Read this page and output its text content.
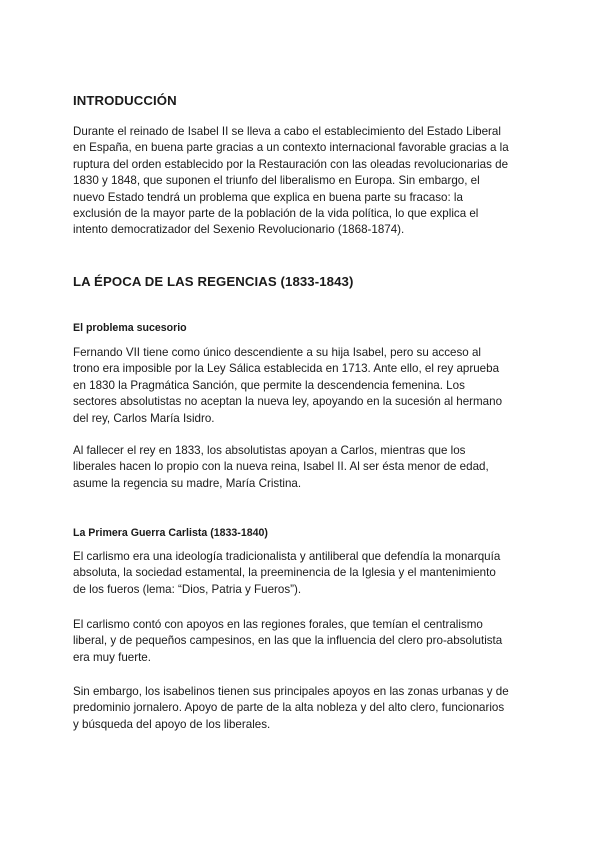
INTRODUCCIÓN
Durante el reinado de Isabel II se lleva a cabo el establecimiento del Estado Liberal
en España, en buena parte gracias a un contexto internacional favorable gracias a la
ruptura del orden establecido por la Restauración con las oleadas revolucionarias de
1830 y 1848, que suponen el triunfo del liberalismo en Europa. Sin embargo, el
nuevo Estado tendrá un problema que explica en buena parte su fracaso: la
exclusión de la mayor parte de la población de la vida política, lo que explica el
intento democratizador del Sexenio Revolucionario (1868-1874).
LA ÉPOCA DE LAS REGENCIAS (1833-1843)
El problema sucesorio
Fernando VII tiene como único descendiente a su hija Isabel, pero su acceso al
trono era imposible por la Ley Sálica establecida en 1713. Ante ello, el rey aprueba
en 1830 la Pragmática Sanción, que permite la descendencia femenina. Los
sectores absolutistas no aceptan la nueva ley, apoyando en la sucesión al hermano
del rey, Carlos María Isidro.
Al fallecer el rey en 1833, los absolutistas apoyan a Carlos, mientras que los
liberales hacen lo propio con la nueva reina, Isabel II. Al ser ésta menor de edad,
asume la regencia su madre, María Cristina.
La Primera Guerra Carlista (1833-1840)
El carlismo era una ideología tradicionalista y antiliberal que defendía la monarquía
absoluta, la sociedad estamental, la preeminencia de la Iglesia y el mantenimiento
de los fueros (lema: “Dios, Patria y Fueros”).
El carlismo contó con apoyos en las regiones forales, que temían el centralismo
liberal, y de pequeños campesinos, en las que la influencia del clero pro-absolutista
era muy fuerte.
Sin embargo, los isabelinos tienen sus principales apoyos en las zonas urbanas y de
predominio jornalero. Apoyo de parte de la alta nobleza y del alto clero, funcionarios
y búsqueda del apoyo de los liberales.
